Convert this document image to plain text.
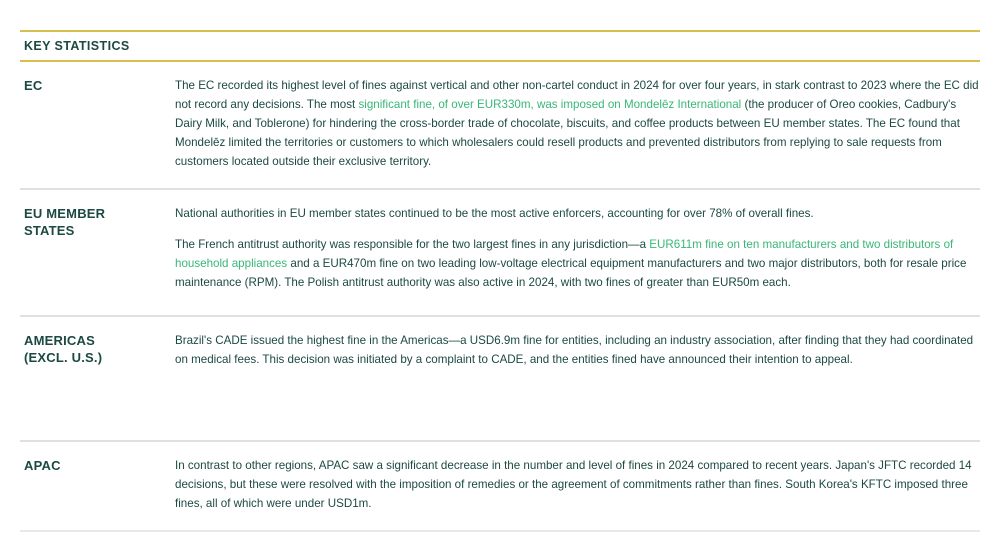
KEY STATISTICS
EC	The EC recorded its highest level of fines against vertical and other non-cartel conduct in 2024 for over four years, in stark contrast to 2023 where the EC did not record any decisions. The most significant fine, of over EUR330m, was imposed on Mondelēz International (the producer of Oreo cookies, Cadbury's Dairy Milk, and Toblerone) for hindering the cross-border trade of chocolate, biscuits, and coffee products between EU member states. The EC found that Mondelēz limited the territories or customers to which wholesalers could resell products and prevented distributors from replying to sale requests from customers located outside their exclusive territory.

EU MEMBER STATES

National authorities in EU member states continued to be the most active enforcers, accounting for over 78% of overall fines.

The French antitrust authority was responsible for the two largest fines in any jurisdiction—a EUR611m fine on ten manufacturers and two distributors of household appliances and a EUR470m fine on two leading low-voltage electrical equipment manufacturers and two major distributors, both for resale price maintenance (RPM). The Polish antitrust authority was also active in 2024, with two fines of greater than EUR50m each.

AMERICAS (EXCL. U.S.)

Brazil's CADE issued the highest fine in the Americas—a USD6.9m fine for entities, including an industry association, after finding that they had coordinated on medical fees. This decision was initiated by a complaint to CADE, and the entities fined have announced their intention to appeal.

APAC	In contrast to other regions, APAC saw a significant decrease in the number and level of fines in 2024 compared to recent years. Japan's JFTC recorded 14 decisions, but these were resolved with the imposition of remedies or the agreement of commitments rather than fines. South Korea's KFTC imposed three fines, all of which were under USD1m.
